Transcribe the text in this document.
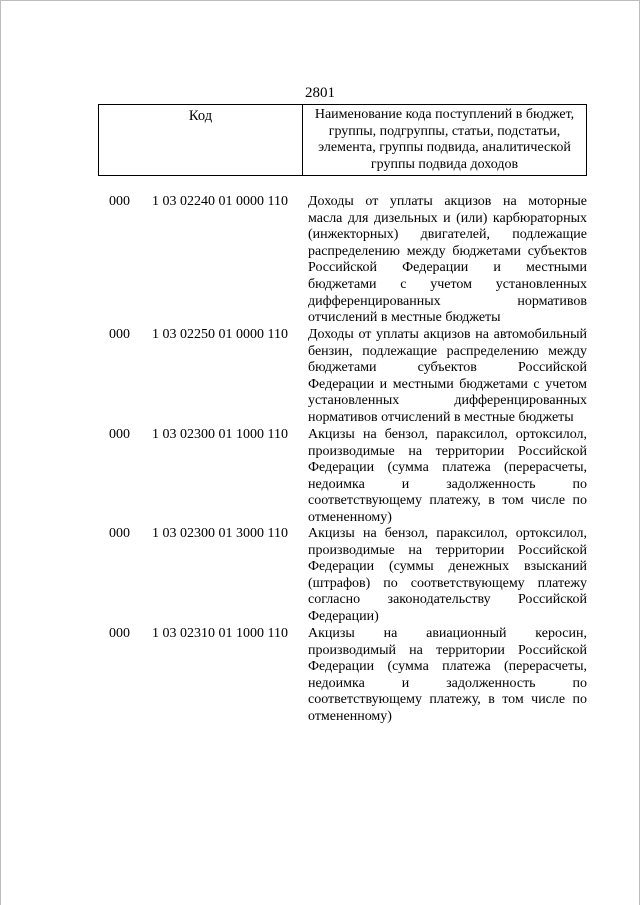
2801
Код	Наименование кода поступлений в бюджет,
группы, подгруппы, статьи, подстатьи,
элемента, группы подвида, аналитической
группы подвида доходов
000 1 03 02240 01 0000 110 Доходы от уплаты акцизов на моторные
масла для дизельных и (или) карбюраторных
(инжекторных) двигателей, подлежащие
распределению между бюджетами субъектов
Российской Федерации и местными
бюджетами с учетом установленных
дифференцированных нормативов
отчислений в местные бюджеты
000 1 03 02250 01 0000 110 Доходы от уплаты акцизов на автомобильный
бензин, подлежащие распределению между
бюджетами субъектов Российской
Федерации и местными бюджетами с учетом
установленных дифференцированных
нормативов отчислений в местные бюджеты
000 1 03 02300 01 1000 110 Акцизы на бензол, параксилол, ортоксилол,
производимые на территории Российской
Федерации (сумма платежа (перерасчеты,
недоимка и задолженность по
соответствующему платежу, в том числе по
отмененному)
000 1 03 02300 01 3000 110 Акцизы на бензол, параксилол, ортоксилол,
производимые на территории Российской
Федерации (суммы денежных взысканий
(штрафов) по соответствующему платежу
согласно законодательству Российской
Федерации)
000 1 03 02310 01 1000 110 Акцизы на авиационный керосин,
производимый на территории Российской
Федерации (сумма платежа (перерасчеты,
недоимка и задолженность по
соответствующему платежу, в том числе по
отмененному)
